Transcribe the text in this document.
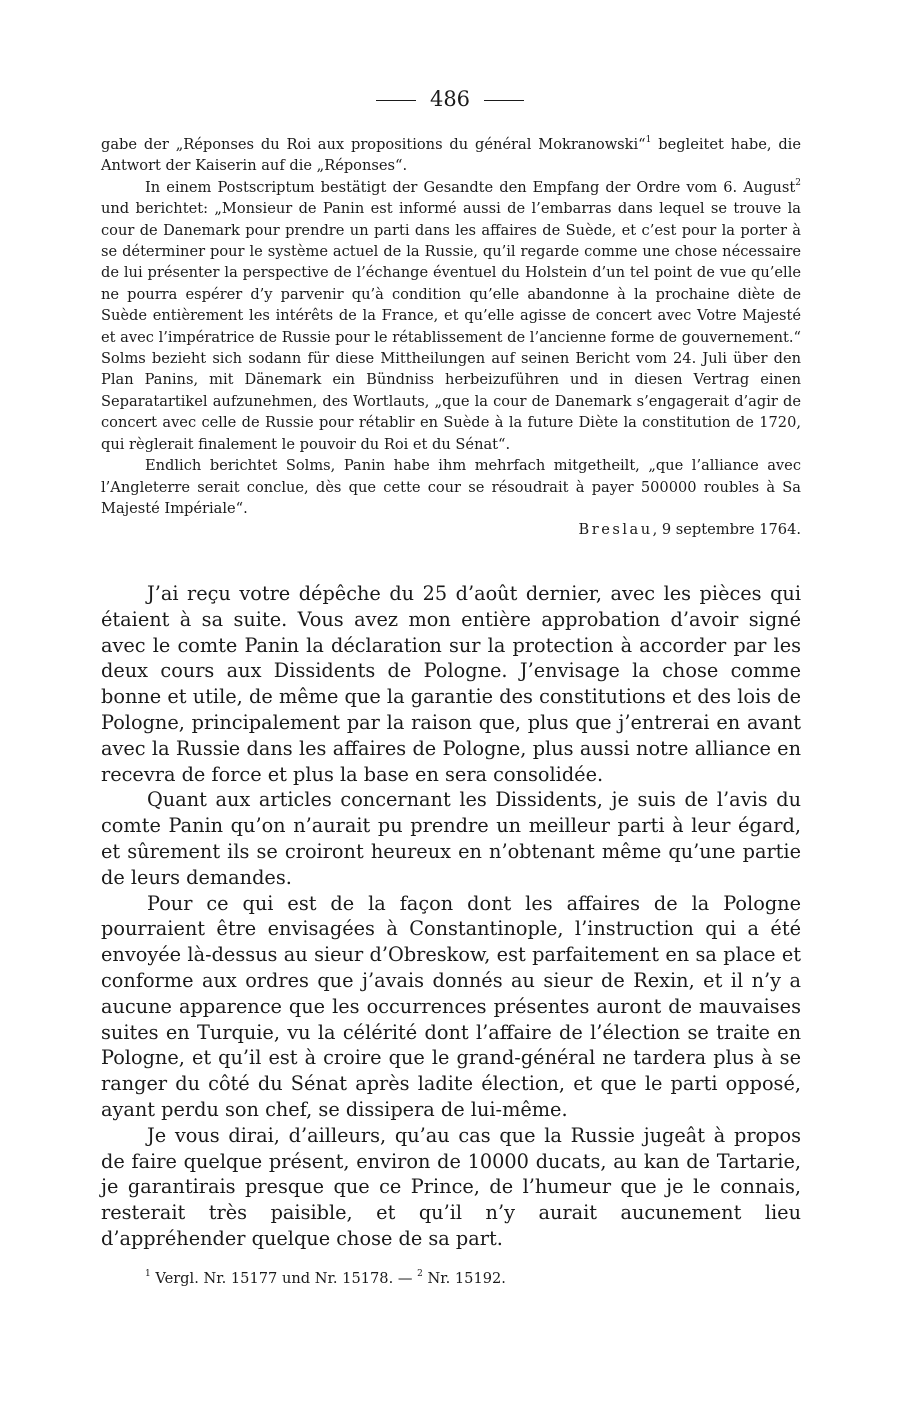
486

gabe der „Réponses du Roi aux propositions du général Mokranowski“$^1$ begleitet habe, die Antwort der Kaiserin auf die „Réponses“.

In einem Postscriptum bestätigt der Gesandte den Empfang der Ordre vom 6. August$^2$ und berichtet: „Monsieur de Panin est informé aussi de l’embarras dans lequel se trouve la cour de Danemark pour prendre un parti dans les affaires de Suède, et c’est pour la porter à se déterminer pour le système actuel de la Russie, qu’il regarde comme une chose nécessaire de lui présenter la perspective de l’échange éventuel du Holstein d’un tel point de vue qu’elle ne pourra espérer d’y parvenir qu’à condition qu’elle abandonne à la prochaine diète de Suède entièrement les intérêts de la France, et qu’elle agisse de concert avec Votre Majesté et avec l’impératrice de Russie pour le rétablissement de l’ancienne forme de gouvernement.“ Solms bezieht sich sodann für diese Mittheilungen auf seinen Bericht vom 24. Juli über den Plan Panins, mit Dänemark ein Bündniss herbeizuführen und in diesen Vertrag einen Separatartikel aufzunehmen, des Wortlauts, „que la cour de Danemark s’engagerait d’agir de concert avec celle de Russie pour rétablir en Suède à la future Diète la constitution de 1720, qui règlerait finalement le pouvoir du Roi et du Sénat“.

Endlich berichtet Solms, Panin habe ihm mehrfach mitgetheilt, „que l’alliance avec l’Angleterre serait conclue, dès que cette cour se résoudrait à payer 500000 roubles à Sa Majesté Impériale“.

Breslau, 9 septembre 1764.

J’ai reçu votre dépêche du 25 d’août dernier, avec les pièces qui étaient à sa suite. Vous avez mon entière approbation d’avoir signé avec le comte Panin la déclaration sur la protection à accorder par les deux cours aux Dissidents de Pologne. J’envisage la chose comme bonne et utile, de même que la garantie des constitutions et des lois de Pologne, principalement par la raison que, plus que j’entrerai en avant avec la Russie dans les affaires de Pologne, plus aussi notre alliance en recevra de force et plus la base en sera consolidée.

Quant aux articles concernant les Dissidents, je suis de l’avis du comte Panin qu’on n’aurait pu prendre un meilleur parti à leur égard, et sûrement ils se croiront heureux en n’obtenant même qu’une partie de leurs demandes.

Pour ce qui est de la façon dont les affaires de la Pologne pourraient être envisagées à Constantinople, l’instruction qui a été envoyée là-dessus au sieur d’Obreskow, est parfaitement en sa place et conforme aux ordres que j’avais donnés au sieur de Rexin, et il n’y a aucune apparence que les occurrences présentes auront de mauvaises suites en Turquie, vu la célérité dont l’affaire de l’élection se traite en Pologne, et qu’il est à croire que le grand-général ne tardera plus à se ranger du côté du Sénat après ladite élection, et que le parti opposé, ayant perdu son chef, se dissipera de lui-même.

Je vous dirai, d’ailleurs, qu’au cas que la Russie jugeât à propos de faire quelque présent, environ de 10000 ducats, au kan de Tartarie, je garantirais presque que ce Prince, de l’humeur que je le connais, resterait très paisible, et qu’il n’y aurait aucunement lieu d’appréhender quelque chose de sa part.

$^1$ Vergl. Nr. 15177 und Nr. 15178. — $^2$ Nr. 15192.
